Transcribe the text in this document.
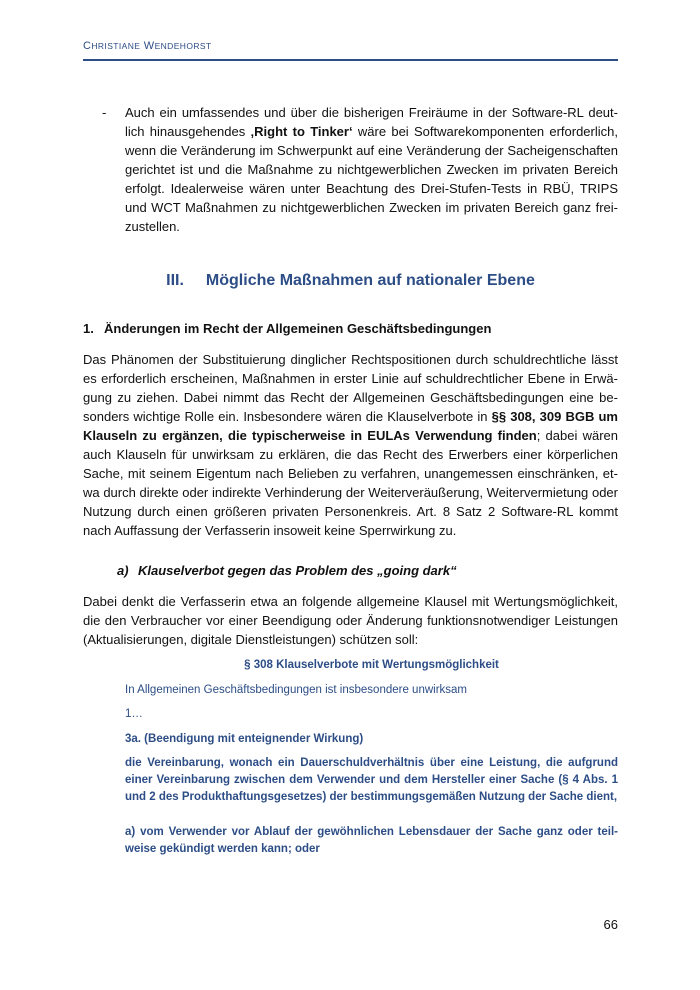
CHRISTIANE WENDEHORST
- Auch ein umfassendes und über die bisherigen Freiräume in der Software-RL deutlich hinausgehendes ‚Right to Tinker‘ wäre bei Softwarekomponenten erforderlich, wenn die Veränderung im Schwerpunkt auf eine Veränderung der Sacheigenschaften gerichtet ist und die Maßnahme zu nichtgewerblichen Zwecken im privaten Bereich erfolgt. Idealerweise wären unter Beachtung des Drei-Stufen-Tests in RBÜ, TRIPS und WCT Maßnahmen zu nichtgewerblichen Zwecken im privaten Bereich ganz freizustellen.
III. Mögliche Maßnahmen auf nationaler Ebene
1. Änderungen im Recht der Allgemeinen Geschäftsbedingungen
Das Phänomen der Substituierung dinglicher Rechtspositionen durch schuldrechtliche lässt es erforderlich erscheinen, Maßnahmen in erster Linie auf schuldrechtlicher Ebene in Erwägung zu ziehen. Dabei nimmt das Recht der Allgemeinen Geschäftsbedingungen eine besonders wichtige Rolle ein. Insbesondere wären die Klauselverbote in §§ 308, 309 BGB um Klauseln zu ergänzen, die typischerweise in EULAs Verwendung finden; dabei wären auch Klauseln für unwirksam zu erklären, die das Recht des Erwerbers einer körperlichen Sache, mit seinem Eigentum nach Belieben zu verfahren, unangemessen einschränken, etwa durch direkte oder indirekte Verhinderung der Weiterveräußerung, Weitervermietung oder Nutzung durch einen größeren privaten Personenkreis. Art. 8 Satz 2 Software-RL kommt nach Auffassung der Verfasserin insoweit keine Sperrwirkung zu.
a) Klauselverbot gegen das Problem des „going dark“
Dabei denkt die Verfasserin etwa an folgende allgemeine Klausel mit Wertungsmöglichkeit, die den Verbraucher vor einer Beendigung oder Änderung funktionsnotwendiger Leistungen (Aktualisierungen, digitale Dienstleistungen) schützen soll:
§ 308 Klauselverbote mit Wertungsmöglichkeit
In Allgemeinen Geschäftsbedingungen ist insbesondere unwirksam
1…
3a. (Beendigung mit enteignender Wirkung)
die Vereinbarung, wonach ein Dauerschuldverhältnis über eine Leistung, die aufgrund einer Vereinbarung zwischen dem Verwender und dem Hersteller einer Sache (§ 4 Abs. 1 und 2 des Produkthaftungsgesetzes) der bestimmungsgemäßen Nutzung der Sache dient,
a) vom Verwender vor Ablauf der gewöhnlichen Lebensdauer der Sache ganz oder teilweise gekündigt werden kann; oder
66
